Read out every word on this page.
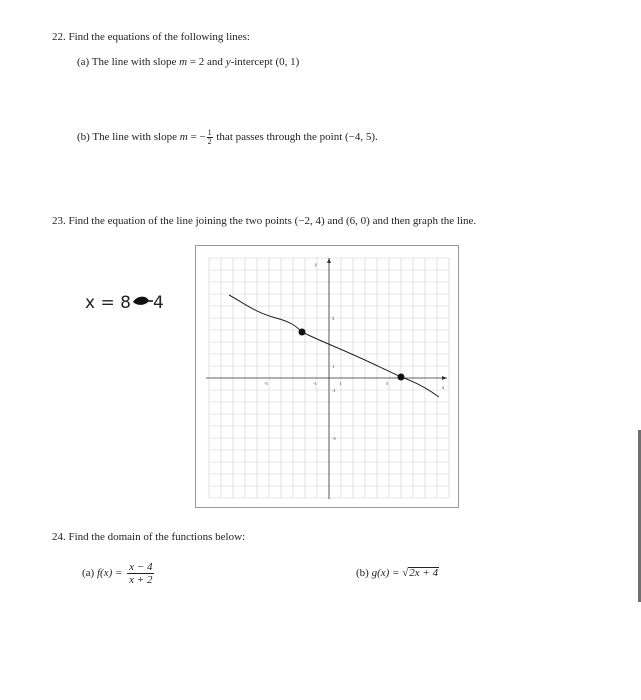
22. Find the equations of the following lines:
(a) The line with slope m = 2 and y-intercept (0, 1)
(b) The line with slope m = − $\frac{1}{2}$ that passes through the point (−4, 5).
23. Find the equation of the line joining the two points (−2, 4) and (6, 0) and then graph the line.
x = 8 4
x
y
-5	-1	1	5
5
1
-1
-5
24. Find the domain of the functions below:
(a) $f(x) = \frac{x - 4}{x + 2}$	(b) g(x) = √2x + 4
